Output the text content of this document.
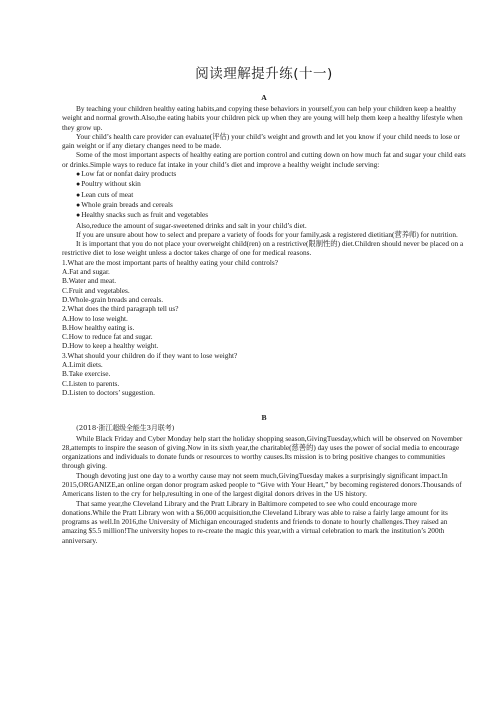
阅读理解提升练(十一)
A

By teaching your children healthy eating habits,and copying these behaviors in yourself,you can help your children keep a healthy weight and normal growth.Also,the eating habits your children pick up when they are young will help them keep a healthy lifestyle when they grow up.

Your child’s health care provider can evaluate(评估) your child’s weight and growth and let you know if your child needs to lose or gain weight or if any dietary changes need to be made.

Some of the most important aspects of healthy eating are portion control and cutting down on how much fat and sugar your child eats or drinks.Simple ways to reduce fat intake in your child’s diet and improve a healthy weight include serving:

● Low fat or nonfat dairy products

● Poultry without skin

● Lean cuts of meat

● Whole grain breads and cereals

● Healthy snacks such as fruit and vegetables

Also,reduce the amount of sugar-sweetened drinks and salt in your child’s diet.

If you are unsure about how to select and prepare a variety of foods for your family,ask a registered dietitian(营养师) for nutrition.

It is important that you do not place your overweight child(ren) on a restrictive(限制性的) diet.Children should never be placed on a restrictive diet to lose weight unless a doctor takes charge of one for medical reasons.

1.What are the most important parts of healthy eating your child controls?

A.Fat and sugar.

B.Water and meat.

C.Fruit and vegetables.

D.Whole-grain breads and cereals.

2.What does the third paragraph tell us?

A.How to lose weight.

B.How healthy eating is.

C.How to reduce fat and sugar.

D.How to keep a healthy weight.

3.What should your children do if they want to lose weight?

A.Limit diets.

B.Take exercise.

C.Listen to parents.

D.Listen to doctors’ suggestion.

B

(2018·浙江超级全能生3月联考)

While Black Friday and Cyber Monday help start the holiday shopping season,GivingTuesday,which will be observed on November 28,attempts to inspire the season of giving.Now in its sixth year,the charitable(慈善的) day uses the power of social media to encourage organizations and individuals to donate funds or resources to worthy causes.Its mission is to bring positive changes to communities through giving.

Though devoting just one day to a worthy cause may not seem much,GivingTuesday makes a surprisingly significant impact.In 2015,ORGANIZE,an online organ donor program asked people to “Give with Your Heart,” by becoming registered donors.Thousands of Americans listen to the cry for help,resulting in one of the largest digital donors drives in the US history.

That same year,the Cleveland Library and the Pratt Library in Baltimore competed to see who could encourage more donations.While the Pratt Library won with a $6,000 acquisition,the Cleveland Library was able to raise a fairly large amount for its programs as well.In 2016,the University of Michigan encouraged students and friends to donate to hourly challenges.They raised an amazing $5.5 million!The university hopes to re-create the magic this year,with a virtual celebration to mark the institution’s 200th anniversary.
